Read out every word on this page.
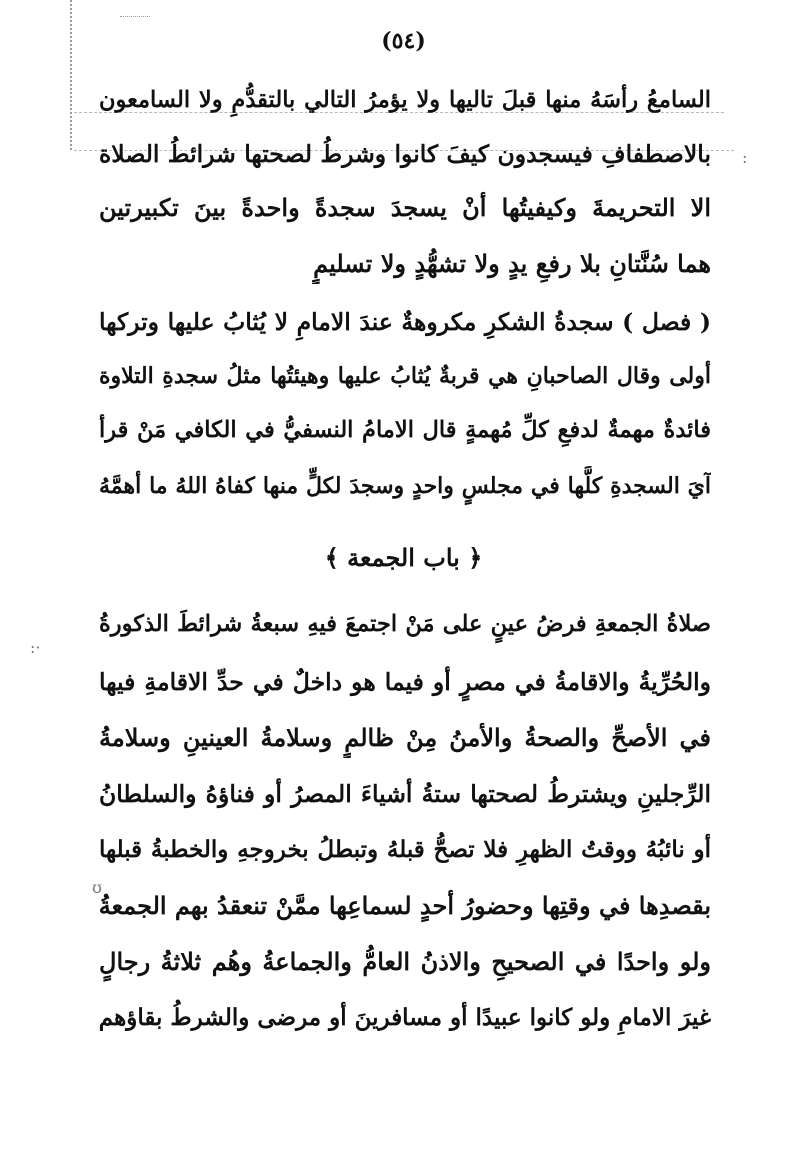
:·
ʊ
:
(٥٤)
السامعُ رأسَهُ منها قبلَ تاليها ولا يؤمرُ التالي بالتقدُّمِ ولا السامعون
بالاصطفافِ فيسجدون كيفَ كانوا وشرطُ لصحتها شرائطُ الصلاة
الا التحريمةَ وكيفيتُها أنْ يسجدَ سجدةً واحدةً بينَ تكبيرتين
هما سُنَّتانِ بلا رفعِ يدٍ ولا تشهُّدٍ ولا تسليمٍ
( فصل ) سجدةُ الشكرِ مكروهةٌ عندَ الامامِ لا يُثابُ عليها وتركها
أولى وقال الصاحبانِ هي قربةٌ يُثابُ عليها وهيئتُها مثلُ سجدةِ التلاوة
فائدةٌ مهمةٌ لدفعِ كلِّ مُهمةٍ قال الامامُ النسفيُّ في الكافي مَنْ قرأ
آيَ السجدةِ كلَّها في مجلسٍ واحدٍ وسجدَ لكلٍّ منها كفاهُ اللهُ ما أهمَّهُ
﴿ باب الجمعة ﴾
صلاةُ الجمعةِ فرضُ عينٍ على مَنْ اجتمعَ فيهِ سبعةُ شرائطَ الذكورةُ
والحُرِّيةُ والاقامةُ في مصرٍ أو فيما هو داخلٌ في حدِّ الاقامةِ فيها
في الأصحِّ والصحةُ والأمنُ مِنْ ظالمٍ وسلامةُ العينينِ وسلامةُ
الرِّجلينِ ويشترطُ لصحتها ستةُ أشياءَ المصرُ أو فناؤهُ والسلطانُ
أو نائبُهُ ووقتُ الظهرِ فلا تصحُّ قبلهُ وتبطلُ بخروجهِ والخطبةُ قبلها
بقصدِها في وقتِها وحضورُ أحدٍ لسماعِها ممَّنْ تنعقدُ بهم الجمعةُ
ولو واحدًا في الصحيحِ والاذنُ العامُّ والجماعةُ وهُم ثلاثةُ رجالٍ
غيرَ الامامِ ولو كانوا عبيدًا أو مسافرينَ أو مرضى والشرطُ بقاؤهم
